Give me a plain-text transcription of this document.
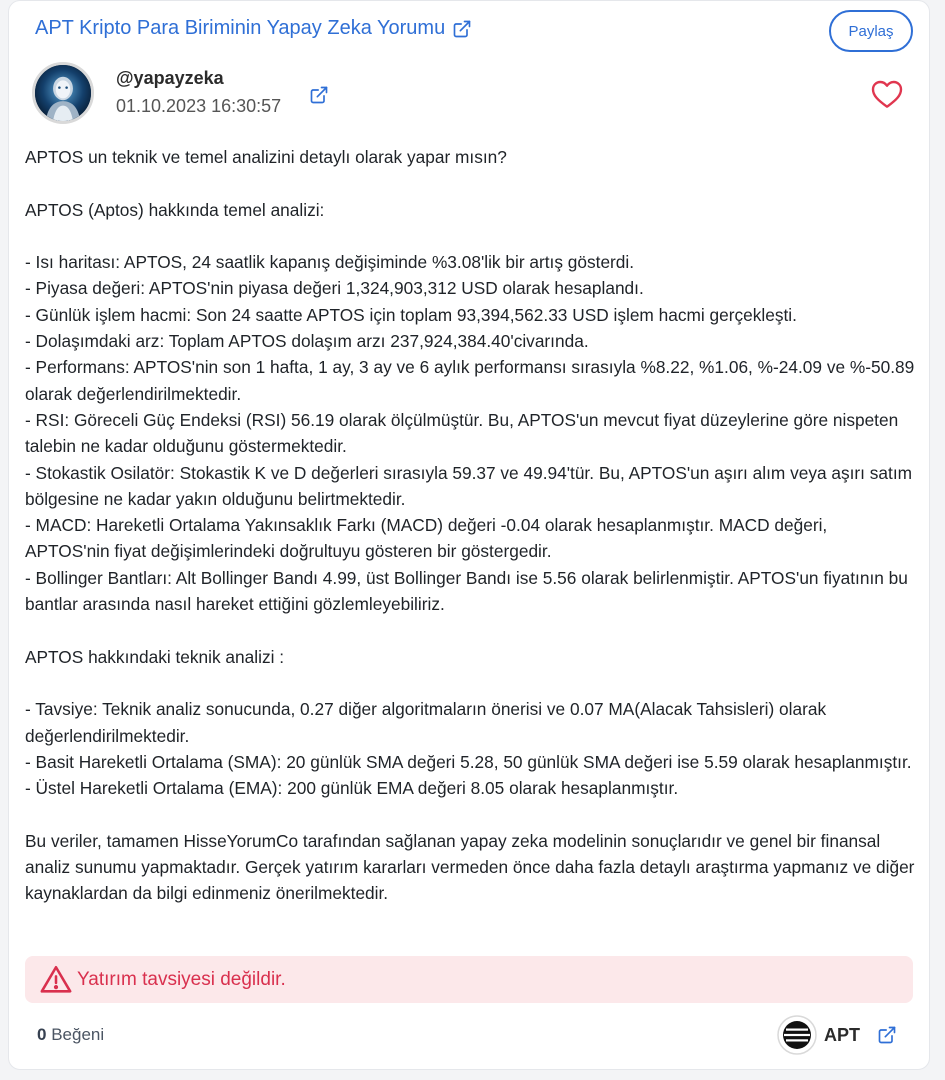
APT Kripto Para Biriminin Yapay Zeka Yorumu	Paylaş
@yapayzeka
01.10.2023 16:30:57

APTOS un teknik ve temel analizini detaylı olarak yapar mısın?

APTOS (Aptos) hakkında temel analizi:

- Isı haritası: APTOS, 24 saatlik kapanış değişiminde %3.08'lik bir artış gösterdi.

- Piyasa değeri: APTOS'nin piyasa değeri 1,324,903,312 USD olarak hesaplandı.

- Günlük işlem hacmi: Son 24 saatte APTOS için toplam 93,394,562.33 USD işlem hacmi gerçekleşti.

- Dolaşımdaki arz: Toplam APTOS dolaşım arzı 237,924,384.40'civarında.

- Performans: APTOS'nin son 1 hafta, 1 ay, 3 ay ve 6 aylık performansı sırasıyla %8.22, %1.06, %-24.09 ve %-50.89 olarak değerlendirilmektedir.

- RSI: Göreceli Güç Endeksi (RSI) 56.19 olarak ölçülmüştür. Bu, APTOS'un mevcut fiyat düzeylerine göre nispeten talebin ne kadar olduğunu göstermektedir.

- Stokastik Osilatör: Stokastik K ve D değerleri sırasıyla 59.37 ve 49.94'tür. Bu, APTOS'un aşırı alım veya aşırı satım bölgesine ne kadar yakın olduğunu belirtmektedir.

- MACD: Hareketli Ortalama Yakınsaklık Farkı (MACD) değeri -0.04 olarak hesaplanmıştır. MACD değeri, APTOS'nin fiyat değişimlerindeki doğrultuyu gösteren bir göstergedir.

- Bollinger Bantları: Alt Bollinger Bandı 4.99, üst Bollinger Bandı ise 5.56 olarak belirlenmiştir. APTOS'un fiyatının bu bantlar arasında nasıl hareket ettiğini gözlemleyebiliriz.

APTOS hakkındaki teknik analizi :

- Tavsiye: Teknik analiz sonucunda, 0.27 diğer algoritmaların önerisi ve 0.07 MA(Alacak Tahsisleri) olarak değerlendirilmektedir.

- Basit Hareketli Ortalama (SMA): 20 günlük SMA değeri 5.28, 50 günlük SMA değeri ise 5.59 olarak hesaplanmıştır.

- Üstel Hareketli Ortalama (EMA): 200 günlük EMA değeri 8.05 olarak hesaplanmıştır.

Bu veriler, tamamen HisseYorumCo tarafından sağlanan yapay zeka modelinin sonuçlarıdır ve genel bir finansal analiz sunumu yapmaktadır. Gerçek yatırım kararları vermeden önce daha fazla detaylı araştırma yapmanız ve diğer kaynaklardan da bilgi edinmeniz önerilmektedir.

Yatırım tavsiyesi değildir.
0 Beğeni	APT
